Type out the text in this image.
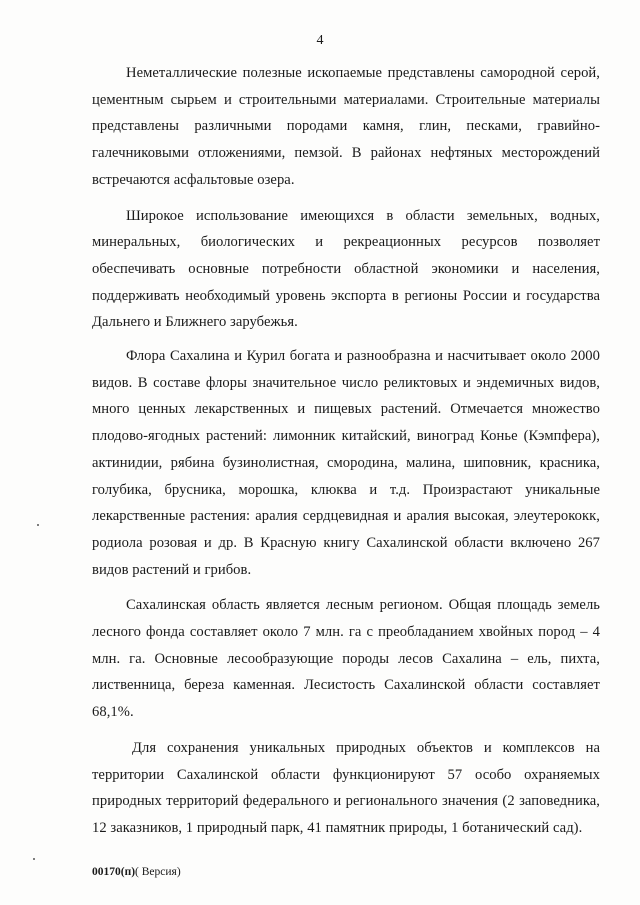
4

Неметаллические полезные ископаемые представлены самородной серой, цементным сырьем и строительными материалами. Строительные материалы представлены различными породами камня, глин, песками, гравийно-галечниковыми отложениями, пемзой. В районах нефтяных месторождений встречаются асфальтовые озера.

Широкое использование имеющихся в области земельных, водных, минеральных, биологических и рекреационных ресурсов позволяет обеспечивать основные потребности областной экономики и населения, поддерживать необходимый уровень экспорта в регионы России и государства Дальнего и Ближнего зарубежья.

Флора Сахалина и Курил богата и разнообразна и насчитывает около 2000 видов. В составе флоры значительное число реликтовых и эндемичных видов, много ценных лекарственных и пищевых растений. Отмечается множество плодово-ягодных растений: лимонник китайский, виноград Конье (Кэмпфера), актинидии, рябина бузинолистная, смородина, малина, шиповник, красника, голубика, брусника, морошка, клюква и т.д. Произрастают уникальные лекарственные растения: аралия сердцевидная и аралия высокая, элеутерококк, родиола розовая и др. В Красную книгу Сахалинской области включено 267 видов растений и грибов.

Сахалинская область является лесным регионом. Общая площадь земель лесного фонда составляет около 7 млн. га с преобладанием хвойных пород – 4 млн. га. Основные лесообразующие породы лесов Сахалина – ель, пихта, лиственница, береза каменная. Лесистость Сахалинской области составляет 68,1%.

Для сохранения уникальных природных объектов и комплексов на территории Сахалинской области функционируют 57 особо охраняемых природных территорий федерального и регионального значения (2 заповедника, 12 заказников, 1 природный парк, 41 памятник природы, 1 ботанический сад).

00170(п)( Версия)
